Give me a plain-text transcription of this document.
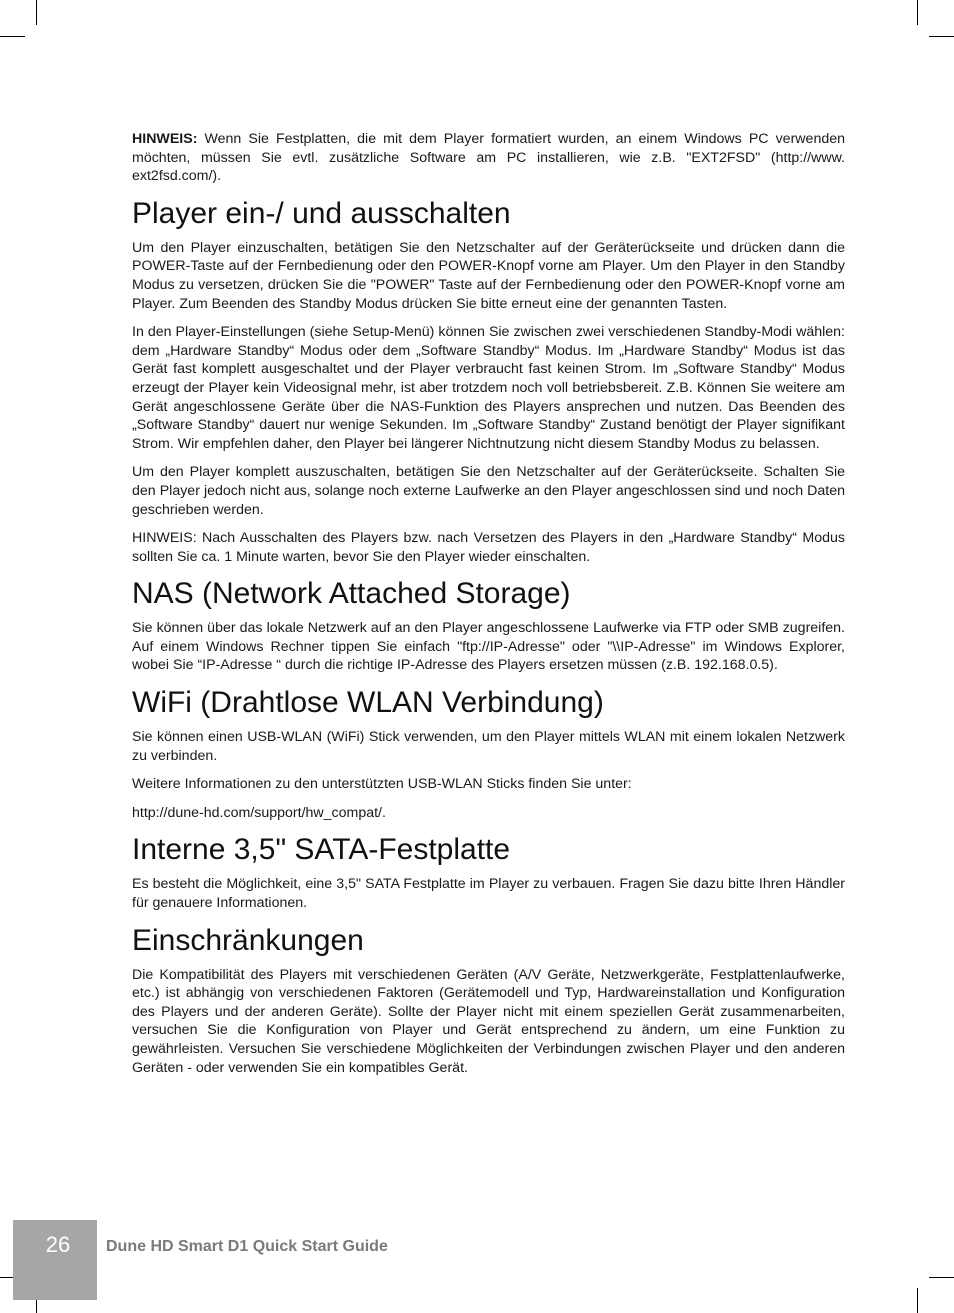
HINWEIS: Wenn Sie Festplatten, die mit dem Player formatiert wurden, an einem Windows PC verwenden möchten, müssen Sie evtl. zusätzliche Software am PC installieren, wie z.B. "EXT2FSD" (http://www. ext2fsd.com/).

Player ein-/ und ausschalten

Um den Player einzuschalten, betätigen Sie den Netzschalter auf der Geräterückseite und drücken dann die POWER-Taste auf der Fernbedienung oder den POWER-Knopf vorne am Player. Um den Player in den Standby Modus zu versetzen, drücken Sie die "POWER" Taste auf der Fernbedienung oder den POWER-Knopf vorne am Player. Zum Beenden des Standby Modus drücken Sie bitte erneut eine der genannten Tasten.

In den Player-Einstellungen (siehe Setup-Menü) können Sie zwischen zwei verschiedenen Standby-Modi wählen: dem „Hardware Standby“ Modus oder dem „Software Standby“ Modus. Im „Hardware Standby“ Modus ist das Gerät fast komplett ausgeschaltet und der Player verbraucht fast keinen Strom. Im „Software Standby“ Modus erzeugt der Player kein Videosignal mehr, ist aber trotzdem noch voll betriebsbereit. Z.B. Können Sie weitere am Gerät angeschlossene Geräte über die NAS-Funktion des Players ansprechen und nutzen. Das Beenden des „Software Standby“ dauert nur wenige Sekunden. Im „Software Standby“ Zustand benötigt der Player signifikant Strom. Wir empfehlen daher, den Player bei längerer Nichtnutzung nicht diesem Standby Modus zu belassen.

Um den Player komplett auszuschalten, betätigen Sie den Netzschalter auf der Geräterückseite. Schalten Sie den Player jedoch nicht aus, solange noch externe Laufwerke an den Player angeschlossen sind und noch Daten geschrieben werden.

HINWEIS: Nach Ausschalten des Players bzw. nach Versetzen des Players in den „Hardware Standby“ Modus sollten Sie ca. 1 Minute warten, bevor Sie den Player wieder einschalten.

NAS (Network Attached Storage)

Sie können über das lokale Netzwerk auf an den Player angeschlossene Laufwerke via FTP oder SMB zugreifen. Auf einem Windows Rechner tippen Sie einfach "ftp://IP-Adresse" oder "\\IP-Adresse" im Windows Explorer, wobei Sie “IP-Adresse “ durch die richtige IP-Adresse des Players ersetzen müssen (z.B. 192.168.0.5).

WiFi (Drahtlose WLAN Verbindung)

Sie können einen USB-WLAN (WiFi) Stick verwenden, um den Player mittels WLAN mit einem lokalen Netzwerk zu verbinden.

Weitere Informationen zu den unterstützten USB-WLAN Sticks finden Sie unter:

http://dune-hd.com/support/hw_compat/.

Interne 3,5" SATA-Festplatte

Es besteht die Möglichkeit, eine 3,5" SATA Festplatte im Player zu verbauen. Fragen Sie dazu bitte Ihren Händler für genauere Informationen.

Einschränkungen

Die Kompatibilität des Players mit verschiedenen Geräten (A/V Geräte, Netzwerkgeräte, Festplattenlaufwerke, etc.) ist abhängig von verschiedenen Faktoren (Gerätemodell und Typ, Hardwareinstallation und Konfiguration des Players und der anderen Geräte). Sollte der Player nicht mit einem speziellen Gerät zusammenarbeiten, versuchen Sie die Konfiguration von Player und Gerät entsprechend zu ändern, um eine Funktion zu gewährleisten. Versuchen Sie verschiedene Möglichkeiten der Verbindungen zwischen Player und den anderen Geräten - oder verwenden Sie ein kompatibles Gerät.

26	Dune HD Smart D1 Quick Start Guide
